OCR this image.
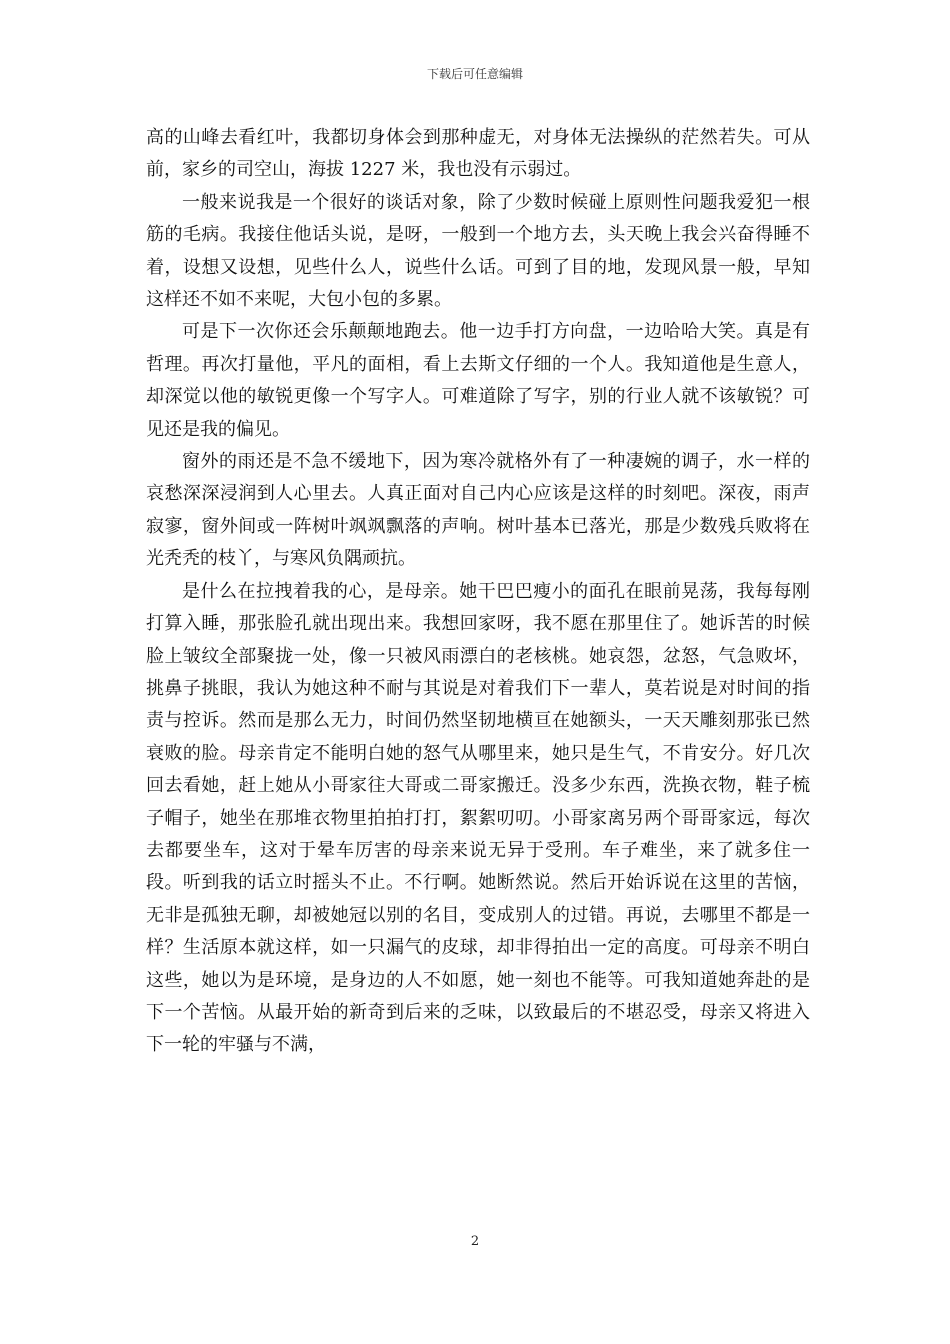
下载后可任意编辑

高的山峰去看红叶，我都切身体会到那种虚无，对身体无法操纵的茫然若失。可从前，家乡的司空山，海拔 1227 米，我也没有示弱过。

一般来说我是一个很好的谈话对象，除了少数时候碰上原则性问题我爱犯一根筋的毛病。我接住他话头说，是呀，一般到一个地方去，头天晚上我会兴奋得睡不着，设想又设想，见些什么人，说些什么话。可到了目的地，发现风景一般，早知这样还不如不来呢，大包小包的多累。

可是下一次你还会乐颠颠地跑去。他一边手打方向盘，一边哈哈大笑。真是有哲理。再次打量他，平凡的面相，看上去斯文仔细的一个人。我知道他是生意人，却深觉以他的敏锐更像一个写字人。可难道除了写字，别的行业人就不该敏锐？可见还是我的偏见。

窗外的雨还是不急不缓地下，因为寒冷就格外有了一种凄婉的调子，水一样的哀愁深深浸润到人心里去。人真正面对自己内心应该是这样的时刻吧。深夜，雨声寂寥，窗外间或一阵树叶飒飒飘落的声响。树叶基本已落光，那是少数残兵败将在光秃秃的枝丫，与寒风负隅顽抗。

是什么在拉拽着我的心，是母亲。她干巴巴瘦小的面孔在眼前晃荡，我每每刚打算入睡，那张脸孔就出现出来。我想回家呀，我不愿在那里住了。她诉苦的时候脸上皱纹全部聚拢一处，像一只被风雨漂白的老核桃。她哀怨，忿怒，气急败坏，挑鼻子挑眼，我认为她这种不耐与其说是对着我们下一辈人，莫若说是对时间的指责与控诉。然而是那么无力，时间仍然坚韧地横亘在她额头，一天天雕刻那张已然衰败的脸。母亲肯定不能明白她的怒气从哪里来，她只是生气，不肯安分。好几次回去看她，赶上她从小哥家往大哥或二哥家搬迁。没多少东西，洗换衣物，鞋子梳子帽子，她坐在那堆衣物里拍拍打打，絮絮叨叨。小哥家离另两个哥哥家远，每次去都要坐车，这对于晕车厉害的母亲来说无异于受刑。车子难坐，来了就多住一段。听到我的话立时摇头不止。不行啊。她断然说。然后开始诉说在这里的苦恼，无非是孤独无聊，却被她冠以别的名目，变成别人的过错。再说，去哪里不都是一样？生活原本就这样，如一只漏气的皮球，却非得拍出一定的高度。可母亲不明白这些，她以为是环境，是身边的人不如愿，她一刻也不能等。可我知道她奔赴的是下一个苦恼。从最开始的新奇到后来的乏味，以致最后的不堪忍受，母亲又将进入下一轮的牢骚与不满，

2
